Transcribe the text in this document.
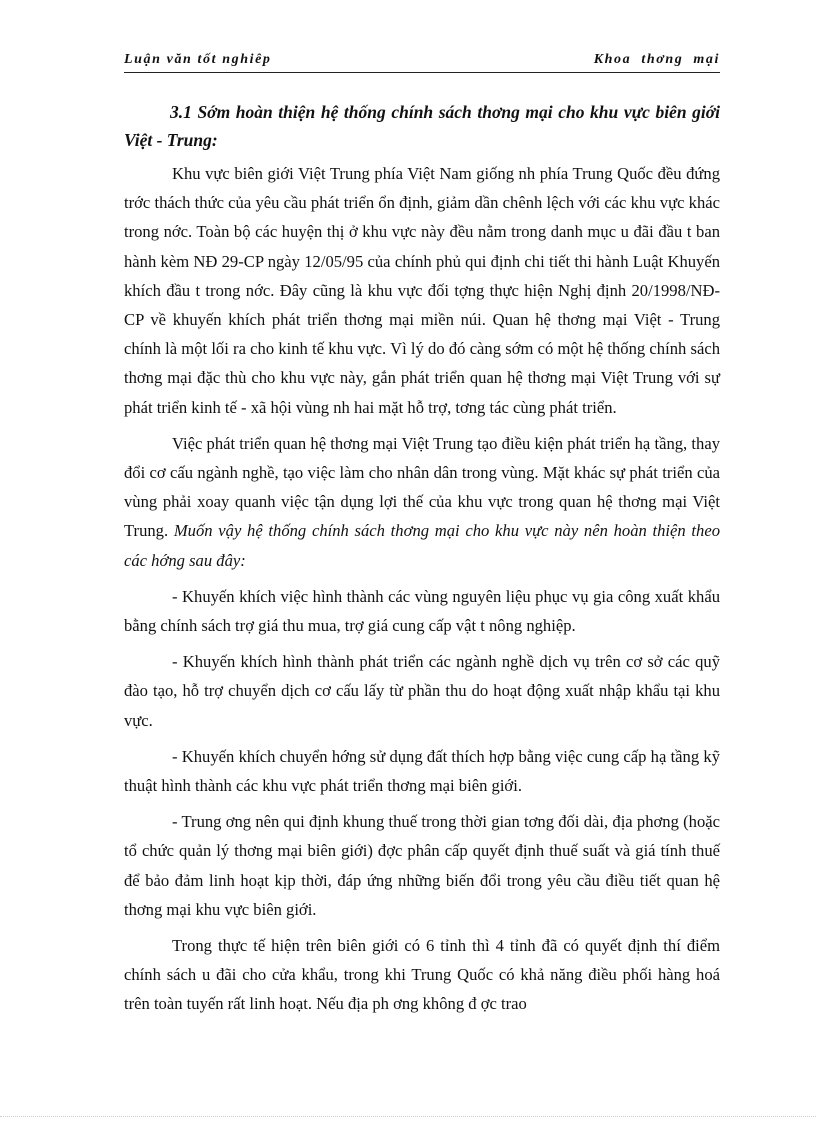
Luận văn tốt nghiêp	Khoa thơng mại
3.1 Sớm hoàn thiện hệ thống chính sách thơng mại cho khu vực biên giới Việt - Trung:

Khu vực biên giới Việt Trung phía Việt Nam giống nh phía Trung Quốc đều đứng trớc thách thức của yêu cầu phát triển ổn định, giảm dần chênh lệch với các khu vực khác trong nớc. Toàn bộ các huyện thị ở khu vực này đều nằm trong danh mục u đãi đầu t ban hành kèm NĐ 29-CP ngày 12/05/95 của chính phủ qui định chi tiết thi hành Luật Khuyến khích đầu t trong nớc. Đây cũng là khu vực đối tợng thực hiện Nghị định 20/1998/NĐ-CP về khuyến khích phát triển thơng mại miền núi. Quan hệ thơng mại Việt - Trung chính là một lối ra cho kinh tế khu vực. Vì lý do đó càng sớm có một hệ thống chính sách thơng mại đặc thù cho khu vực này, gắn phát triển quan hệ thơng mại Việt Trung với sự phát triển kinh tế - xã hội vùng nh hai mặt hỗ trợ, tơng tác cùng phát triển.

Việc phát triển quan hệ thơng mại Việt Trung tạo điều kiện phát triển hạ tầng, thay đổi cơ cấu ngành nghề, tạo việc làm cho nhân dân trong vùng. Mặt khác sự phát triển của vùng phải xoay quanh việc tận dụng lợi thế của khu vực trong quan hệ thơng mại Việt Trung. Muốn vậy hệ thống chính sách thơng mại cho khu vực này nên hoàn thiện theo các hớng sau đây:

- Khuyến khích việc hình thành các vùng nguyên liệu phục vụ gia công xuất khẩu bằng chính sách trợ giá thu mua, trợ giá cung cấp vật t nông nghiệp.

- Khuyến khích hình thành phát triển các ngành nghề dịch vụ trên cơ sở các quỹ đào tạo, hỗ trợ chuyển dịch cơ cấu lấy từ phần thu do hoạt động xuất nhập khẩu tại khu vực.

- Khuyến khích chuyển hớng sử dụng đất thích hợp bằng việc cung cấp hạ tầng kỹ thuật hình thành các khu vực phát triển thơng mại biên giới.

- Trung ơng nên qui định khung thuế trong thời gian tơng đối dài, địa phơng (hoặc tổ chức quản lý thơng mại biên giới) đợc phân cấp quyết định thuế suất và giá tính thuế để bảo đảm linh hoạt kịp thời, đáp ứng những biến đổi trong yêu cầu điều tiết quan hệ thơng mại khu vực biên giới.

Trong thực tế hiện trên biên giới có 6 tỉnh thì 4 tỉnh đã có quyết định thí điểm chính sách u đãi cho cửa khẩu, trong khi Trung Quốc có khả năng điều phối hàng hoá trên toàn tuyến rất linh hoạt. Nếu địa ph ơng không đ ợc trao
